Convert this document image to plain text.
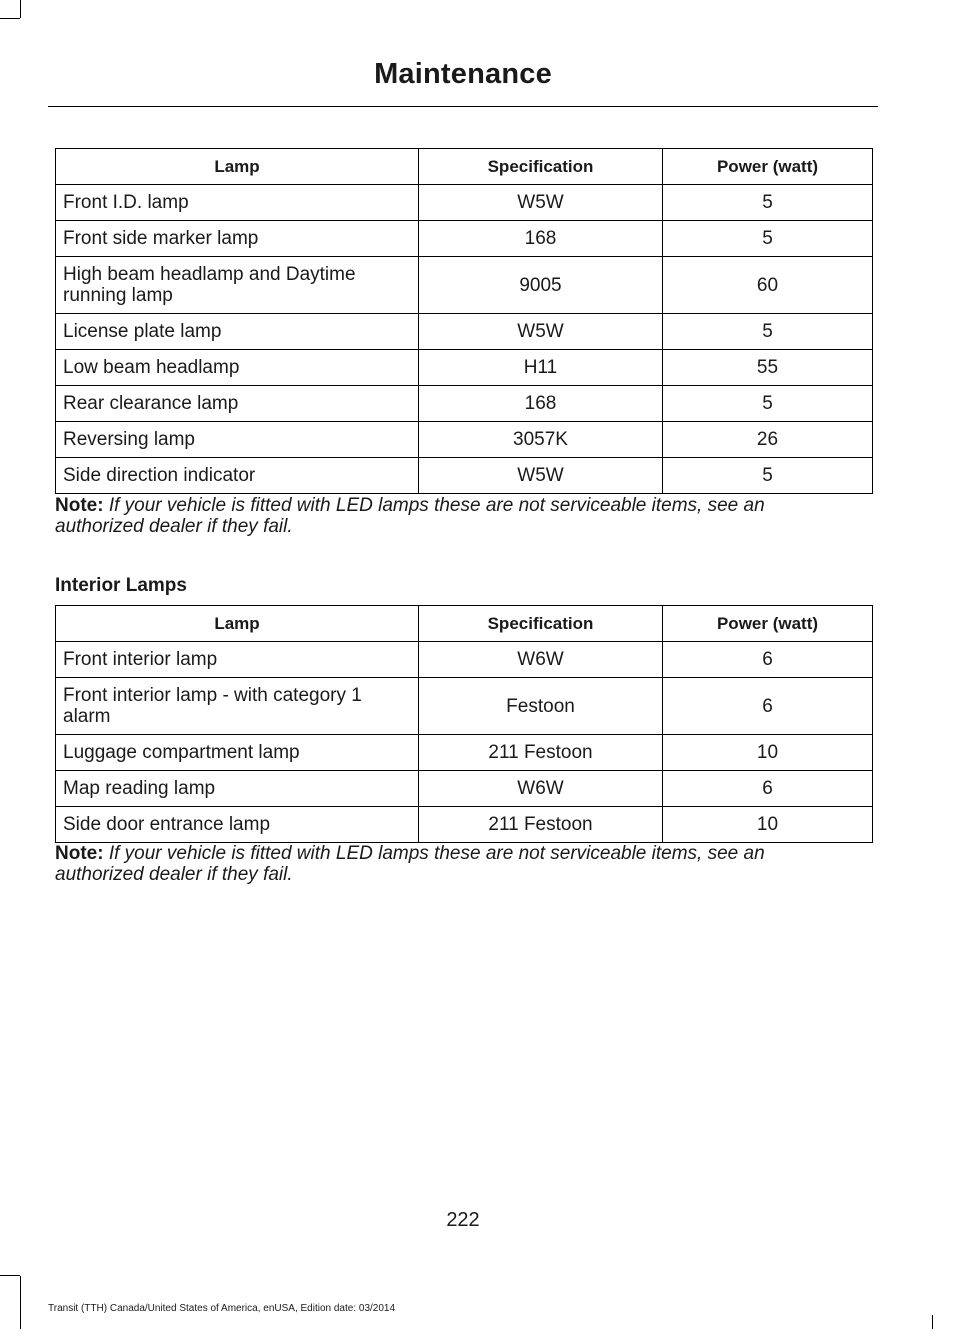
Maintenance
Lamp	Specification	Power (watt)
Front I.D. lamp	W5W	5
Front side marker lamp	168	5
High beam headlamp and Daytime running lamp	9005	60
License plate lamp	W5W	5
Low beam headlamp	H11	55
Rear clearance lamp	168	5
Reversing lamp	3057K	26
Side direction indicator	W5W	5
Note: If your vehicle is fitted with LED lamps these are not serviceable items, see an authorized dealer if they fail.
Interior Lamps
Lamp	Specification	Power (watt)
Front interior lamp	W6W	6
Front interior lamp - with category 1 alarm	Festoon	6
Luggage compartment lamp	211 Festoon	10
Map reading lamp	W6W	6
Side door entrance lamp	211 Festoon	10
Note: If your vehicle is fitted with LED lamps these are not serviceable items, see an authorized dealer if they fail.
222
Transit (TTH) Canada/United States of America, enUSA, Edition date: 03/2014
